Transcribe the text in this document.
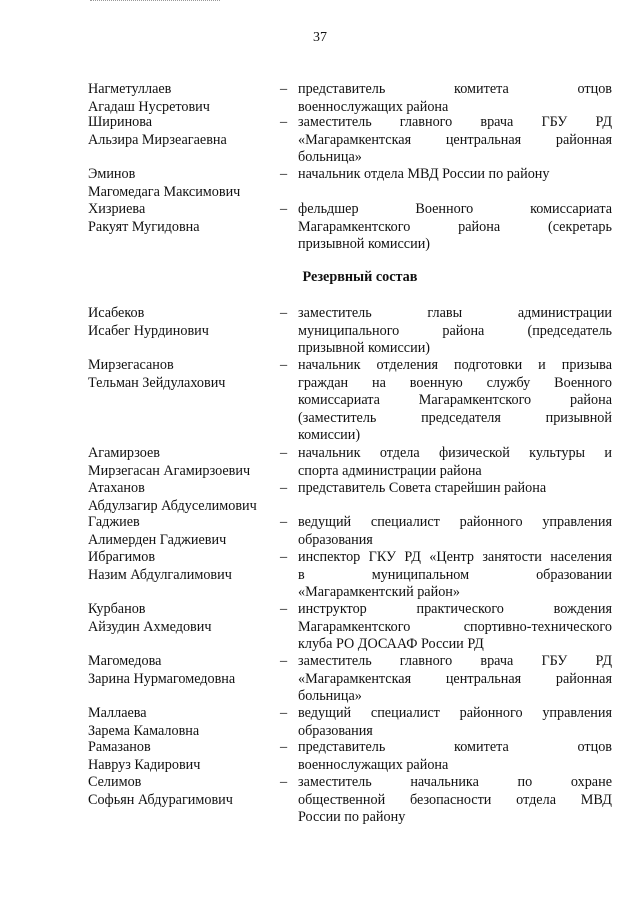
37
Нагметуллаев
Агадаш Нусретович
– представитель комитета отцов
военнослужащих района
Ширинова
Альзира Мирзеагаевна
– заместитель главного врача ГБУ РД
«Магарамкентская центральная районная
больница»
Эминов
Магомедага Максимович
– начальник отдела МВД России по району
Хизриева
Ракуят Мугидовна
– фельдшер Военного комиссариата
Магарамкентского района (секретарь
призывной комиссии)
Резервный состав
Исабеков
Исабег Нурдинович
– заместитель главы администрации
муниципального района (председатель
призывной комиссии)
Мирзегасанов
Тельман Зейдулахович
– начальник отделения подготовки и призыва
граждан на военную службу Военного
комиссариата Магарамкентского района
(заместитель председателя призывной
комиссии)
Агамирзоев
Мирзегасан Агамирзоевич
– начальник отдела физической культуры и
спорта администрации района
Атаханов
Абдулзагир Абдуселимович
– представитель Совета старейшин района
Гаджиев
Алимерден Гаджиевич
– ведущий специалист районного управления
образования
Ибрагимов
Назим Абдулгалимович
– инспектор ГКУ РД «Центр занятости населения
в муниципальном образовании
«Магарамкентский район»
Курбанов
Айзудин Ахмедович
– инструктор практического вождения
Магарамкентского спортивно-технического
клуба РО ДОСААФ России РД
Магомедова
Зарина Нурмагомедовна
– заместитель главного врача ГБУ РД
«Магарамкентская центральная районная
больница»
Маллаева
Зарема Камаловна
– ведущий специалист районного управления
образования
Рамазанов
Навруз Кадирович
– представитель комитета отцов
военнослужащих района
Селимов
Софьян Абдурагимович
– заместитель начальника по охране
общественной безопасности отдела МВД
России по району
